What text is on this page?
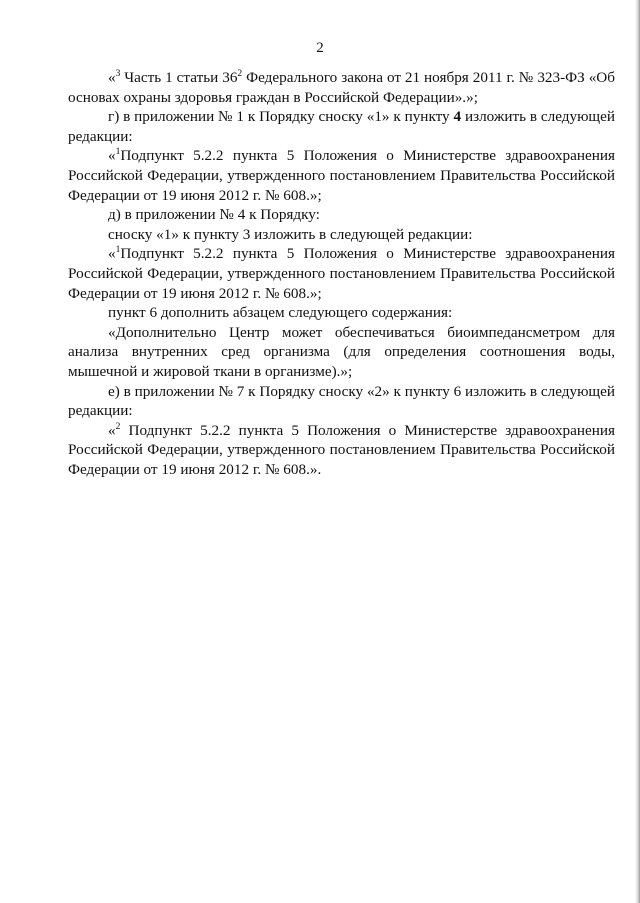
2

«$^3$ Часть 1 статьи $36^2$ Федерального закона от 21 ноября 2011 г. № 323-ФЗ «Об основах охраны здоровья граждан в Российской Федерации».»;

г) в приложении № 1 к Порядку сноску «1» к пункту 4 изложить в следующей редакции:

«$^1$Подпункт 5.2.2 пункта 5 Положения о Министерстве здравоохранения Российской Федерации, утвержденного постановлением Правительства Российской Федерации от 19 июня 2012 г. № 608.»;

д) в приложении № 4 к Порядку:

сноску «1» к пункту 3 изложить в следующей редакции:

«$^1$Подпункт 5.2.2 пункта 5 Положения о Министерстве здравоохранения Российской Федерации, утвержденного постановлением Правительства Российской Федерации от 19 июня 2012 г. № 608.»;

пункт 6 дополнить абзацем следующего содержания:

«Дополнительно Центр может обеспечиваться биоимпедансметром для анализа внутренних сред организма (для определения соотношения воды, мышечной и жировой ткани в организме).»;

е) в приложении № 7 к Порядку сноску «2» к пункту 6 изложить в следующей редакции:

«$^2$ Подпункт 5.2.2 пункта 5 Положения о Министерстве здравоохранения Российской Федерации, утвержденного постановлением Правительства Российской Федерации от 19 июня 2012 г. № 608.».
